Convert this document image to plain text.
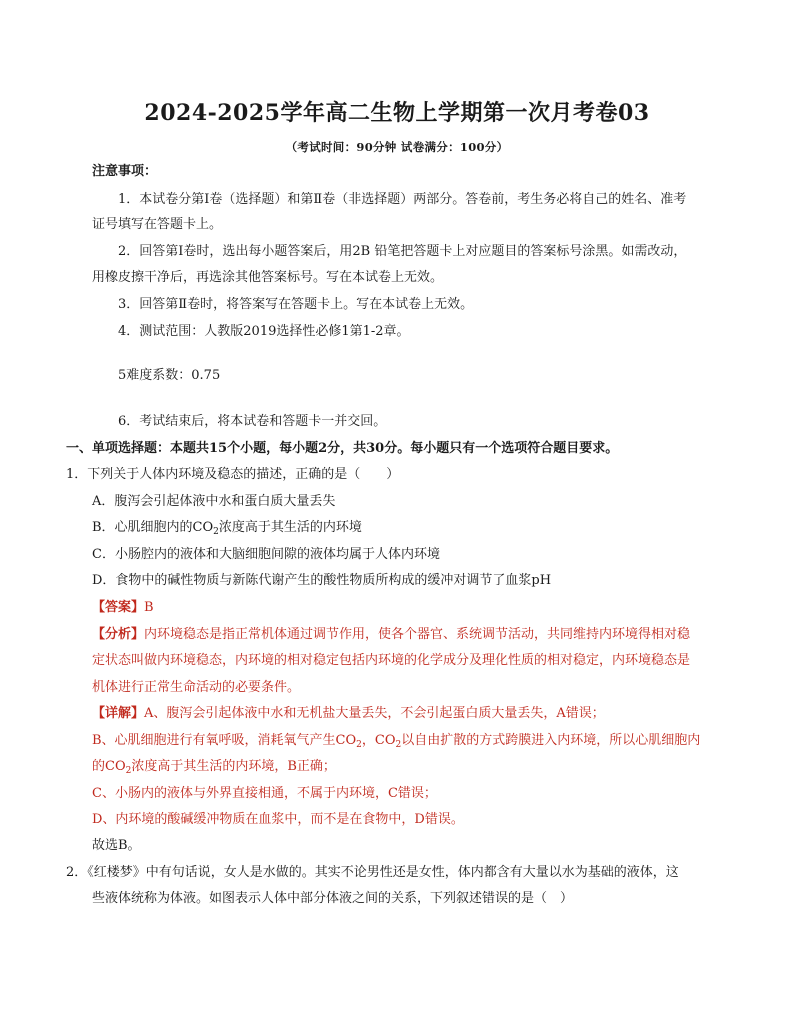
2024-2025学年高二生物上学期第一次月考卷03
（考试时间：90分钟 试卷满分：100分）
注意事项：
1．本试卷分第Ⅰ卷（选择题）和第Ⅱ卷（非选择题）两部分。答卷前，考生务必将自己的姓名、准考
证号填写在答题卡上。
2．回答第Ⅰ卷时，选出每小题答案后，用2B 铅笔把答题卡上对应题目的答案标号涂黑。如需改动，
用橡皮擦干净后，再选涂其他答案标号。写在本试卷上无效。
3．回答第Ⅱ卷时，将答案写在答题卡上。写在本试卷上无效。
4．测试范围：人教版2019选择性必修1第1-2章。
5难度系数：0.75
6．考试结束后，将本试卷和答题卡一并交回。
一、单项选择题：本题共15个小题，每小题2分，共30分。每小题只有一个选项符合题目要求。
1．下列关于人体内环境及稳态的描述，正确的是（　　）
A．腹泻会引起体液中水和蛋白质大量丢失
B．心肌细胞内的$CO_2$浓度高于其生活的内环境
C．小肠腔内的液体和大脑细胞间隙的液体均属于人体内环境
D．食物中的碱性物质与新陈代谢产生的酸性物质所构成的缓冲对调节了血浆pH
【答案】B
【分析】内环境稳态是指正常机体通过调节作用，使各个器官、系统调节活动，共同维持内环境得相对稳
定状态叫做内环境稳态，内环境的相对稳定包括内环境的化学成分及理化性质的相对稳定，内环境稳态是
机体进行正常生命活动的必要条件。
【详解】A、腹泻会引起体液中水和无机盐大量丢失，不会引起蛋白质大量丢失，A错误；
B、心肌细胞进行有氧呼吸，消耗氧气产生$CO_2$，$CO_2$以自由扩散的方式跨膜进入内环境，所以心肌细胞内
的$CO_2$浓度高于其生活的内环境，B正确；
C、小肠内的液体与外界直接相通，不属于内环境，C错误；
D、内环境的酸碱缓冲物质在血浆中，而不是在食物中，D错误。
故选B。
2．《红楼梦》中有句话说，女人是水做的。其实不论男性还是女性，体内都含有大量以水为基础的液体，这
些液体统称为体液。如图表示人体中部分体液之间的关系，下列叙述错误的是（　）
